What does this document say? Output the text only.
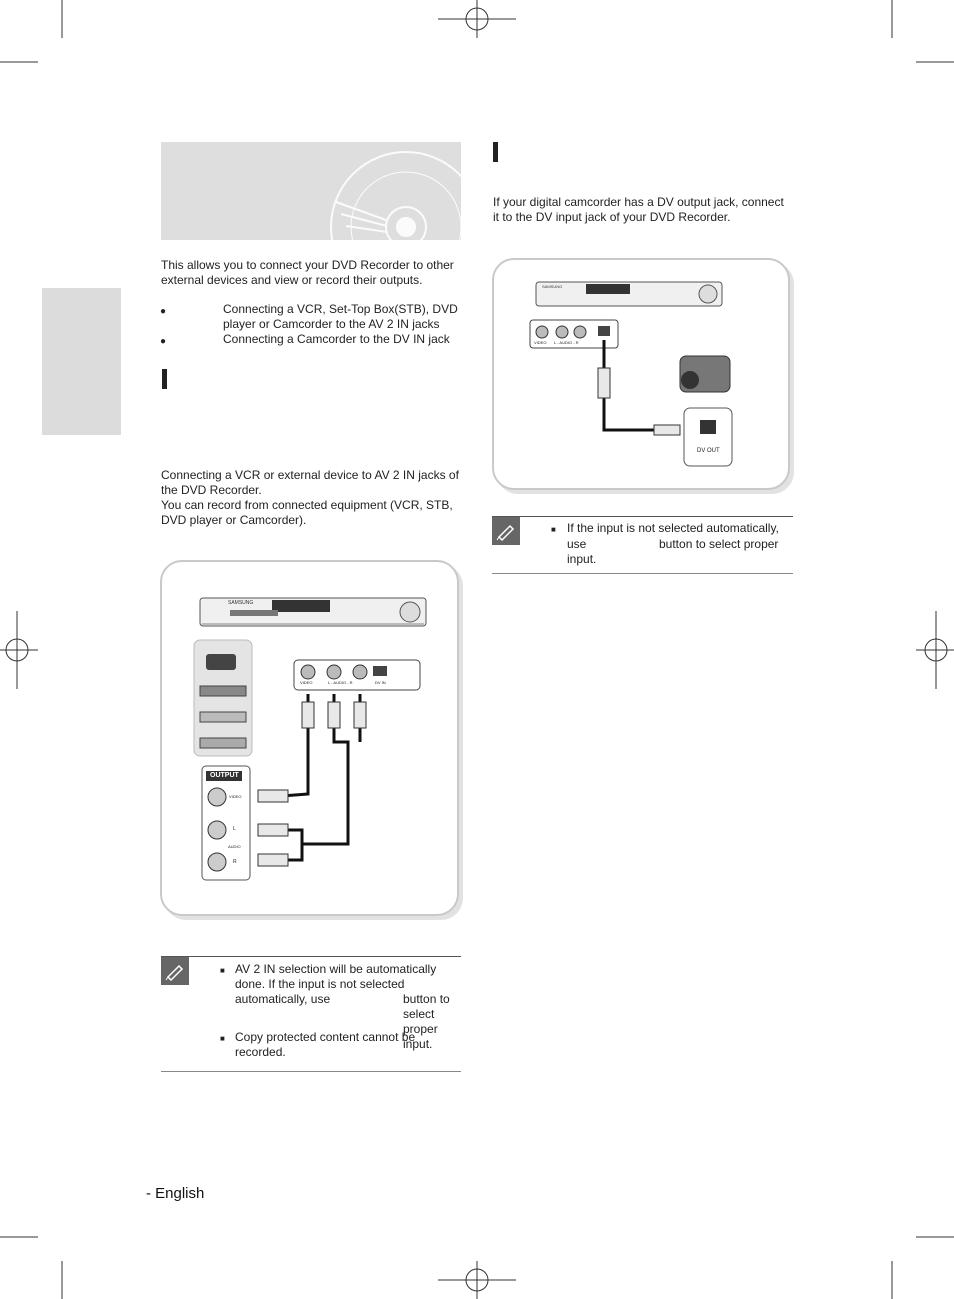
This allows you to connect your DVD Recorder to other external devices and view or record their outputs.
●	Connecting a VCR, Set-Top Box(STB), DVD player or Camcorder to the AV 2 IN jacks
●	Connecting a Camcorder to the DV IN jack
Connecting a VCR or external device to AV 2 IN jacks of the DVD Recorder.
You can record from connected equipment (VCR, STB, DVD player or Camcorder).
If your digital camcorder has a DV output jack, connect it to the DV input jack of your DVD Recorder.
SAMSUNG
VIDEO	L - AUDIO - R	DV IN
OUTPUT
VIDEO
L
AUDIO
R
SAMSUNG
VIDEO L - AUDIO - R
DV OUT
■ AV 2 IN selection will be automatically done. If the input is not selected automatically, use	button to select proper input.
■ Copy protected content cannot be recorded.
■ If the input is not selected automatically,
use	button to select proper
input.
- English
